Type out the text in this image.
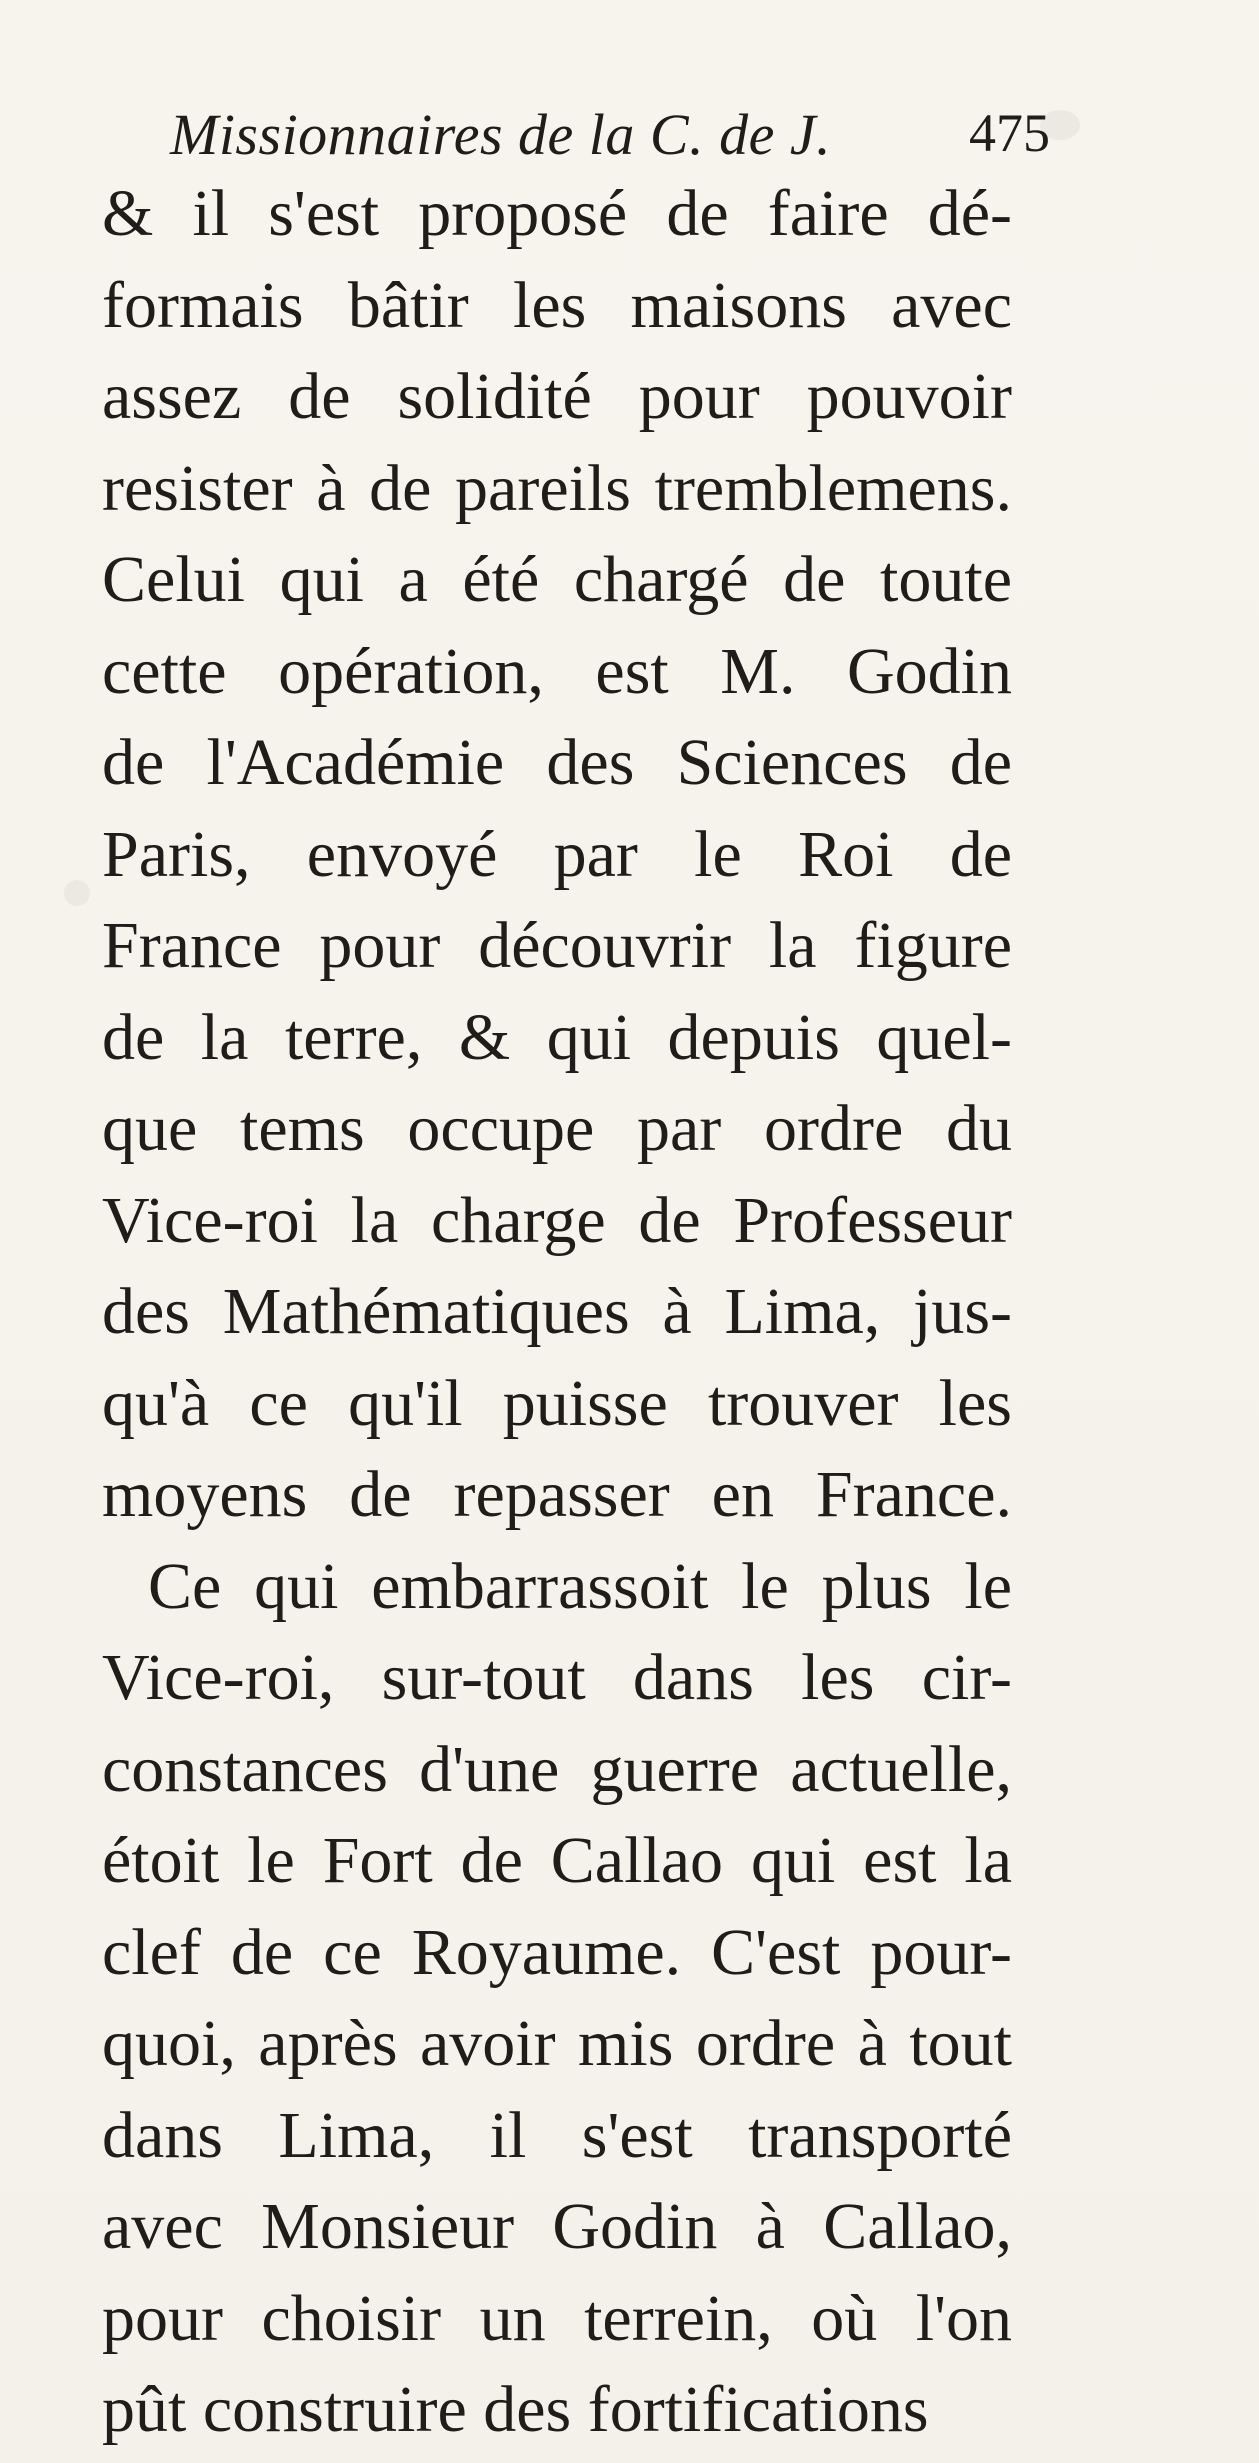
Missionnaires de la C. de J.	475
& il s'est proposé de faire dé-
formais bâtir les maisons avec
assez de solidité pour pouvoir
resister à de pareils tremblemens.
Celui qui a été chargé de toute
cette opération, est M. Godin
de l'Académie des Sciences de
Paris, envoyé par le Roi de
France pour découvrir la figure
de la terre, & qui depuis quel-
que tems occupe par ordre du
Vice-roi la charge de Professeur
des Mathématiques à Lima, jus-
qu'à ce qu'il puisse trouver les
moyens de repasser en France.
Ce qui embarrassoit le plus le
Vice-roi, sur-tout dans les cir-
constances d'une guerre actuelle,
étoit le Fort de Callao qui est la
clef de ce Royaume. C'est pour-
quoi, après avoir mis ordre à tout
dans Lima, il s'est transporté
avec Monsieur Godin à Callao,
pour choisir un terrein, où l'on
pût construire des fortifications
